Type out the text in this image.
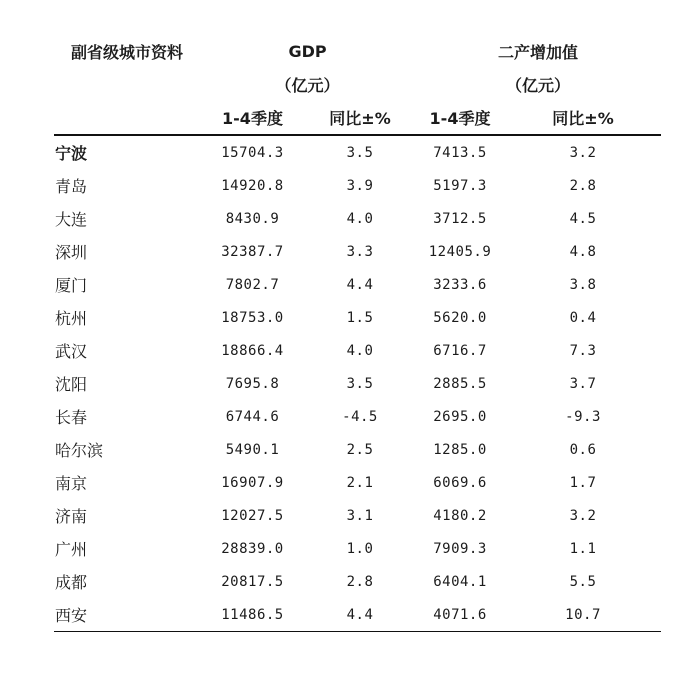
副省级城市资料	GDP		二产增加值	
	（亿元）		（亿元）	
	1-4季度	同比±%	1-4季度	同比±%
宁波	15704.3	3.5	7413.5	3.2
青岛	14920.8	3.9	5197.3	2.8
大连	8430.9	4.0	3712.5	4.5
深圳	32387.7	3.3	12405.9	4.8
厦门	7802.7	4.4	3233.6	3.8
杭州	18753.0	1.5	5620.0	0.4
武汉	18866.4	4.0	6716.7	7.3
沈阳	7695.8	3.5	2885.5	3.7
长春	6744.6	-4.5	2695.0	-9.3
哈尔滨	5490.1	2.5	1285.0	0.6
南京	16907.9	2.1	6069.6	1.7
济南	12027.5	3.1	4180.2	3.2
广州	28839.0	1.0	7909.3	1.1
成都	20817.5	2.8	6404.1	5.5
西安	11486.5	4.4	4071.6	10.7
